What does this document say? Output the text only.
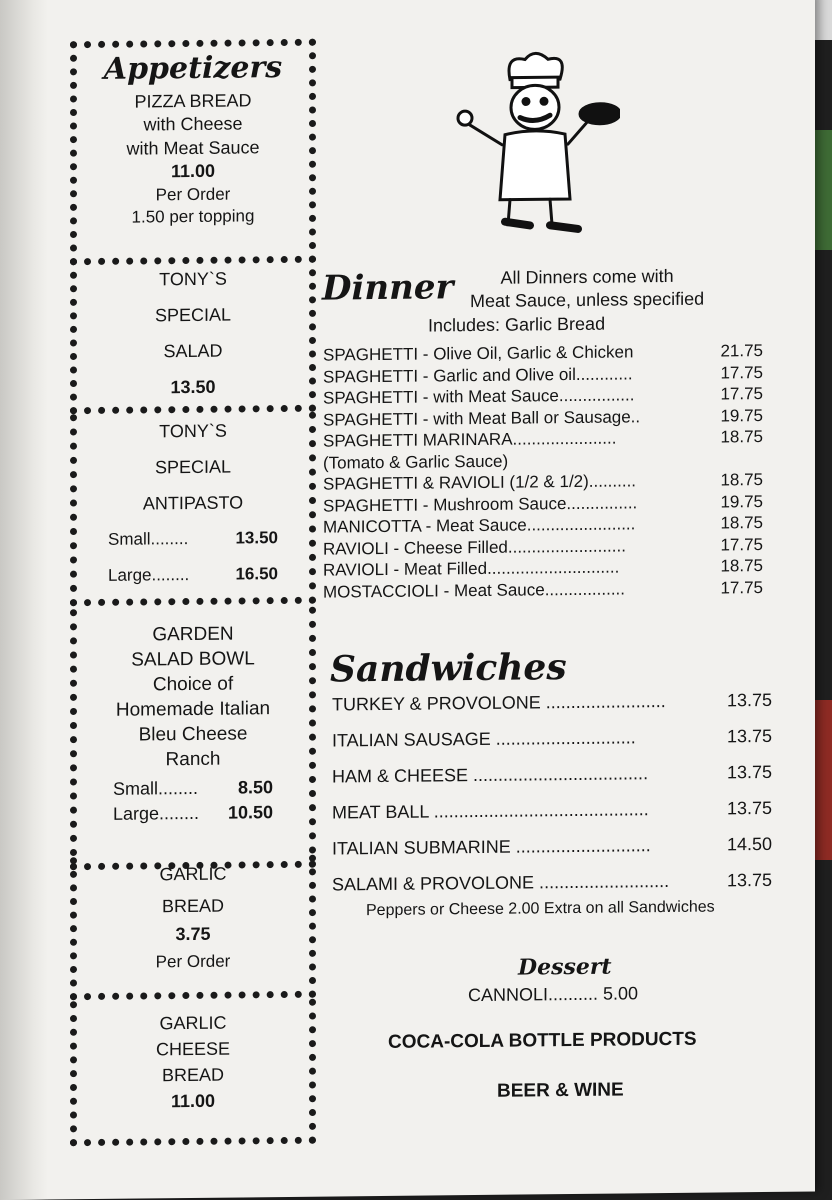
Appetizers
PIZZA BREAD
with Cheese
with Meat Sauce
11.00
Per Order
1.50 per topping
TONY`S
SPECIAL
SALAD
13.50
TONY`S
SPECIAL
ANTIPASTO
Small........	13.50
Large........	16.50
GARDEN
SALAD BOWL
Choice of
Homemade Italian
Bleu Cheese
Ranch
Small........	8.50
Large........	10.50
GARLIC
BREAD
3.75
Per Order
GARLIC
CHEESE
BREAD
11.00
Dinner	All Dinners come with
Meat Sauce, unless specified
Includes: Garlic Bread
SPAGHETTI - Olive Oil, Garlic & Chicken	21.75
SPAGHETTI - Garlic and Olive oil............	17.75
SPAGHETTI - with Meat Sauce................	17.75
SPAGHETTI - with Meat Ball or Sausage..	19.75
SPAGHETTI MARINARA......................	18.75
(Tomato & Garlic Sauce)
SPAGHETTI & RAVIOLI (1/2 & 1/2)..........	18.75
SPAGHETTI - Mushroom Sauce...............	19.75
MANICOTTA - Meat Sauce.......................	18.75
RAVIOLI - Cheese Filled.........................	17.75
RAVIOLI - Meat Filled............................	18.75
MOSTACCIOLI - Meat Sauce.................	17.75
Sandwiches
TURKEY & PROVOLONE ........................	13.75
ITALIAN SAUSAGE ............................	13.75
HAM & CHEESE ...................................	13.75
MEAT BALL ...........................................	13.75
ITALIAN SUBMARINE ...........................	14.50
SALAMI & PROVOLONE ..........................	13.75
Peppers or Cheese 2.00 Extra on all Sandwiches
Dessert
CANNOLI.......... 5.00
COCA-COLA BOTTLE PRODUCTS
BEER & WINE
